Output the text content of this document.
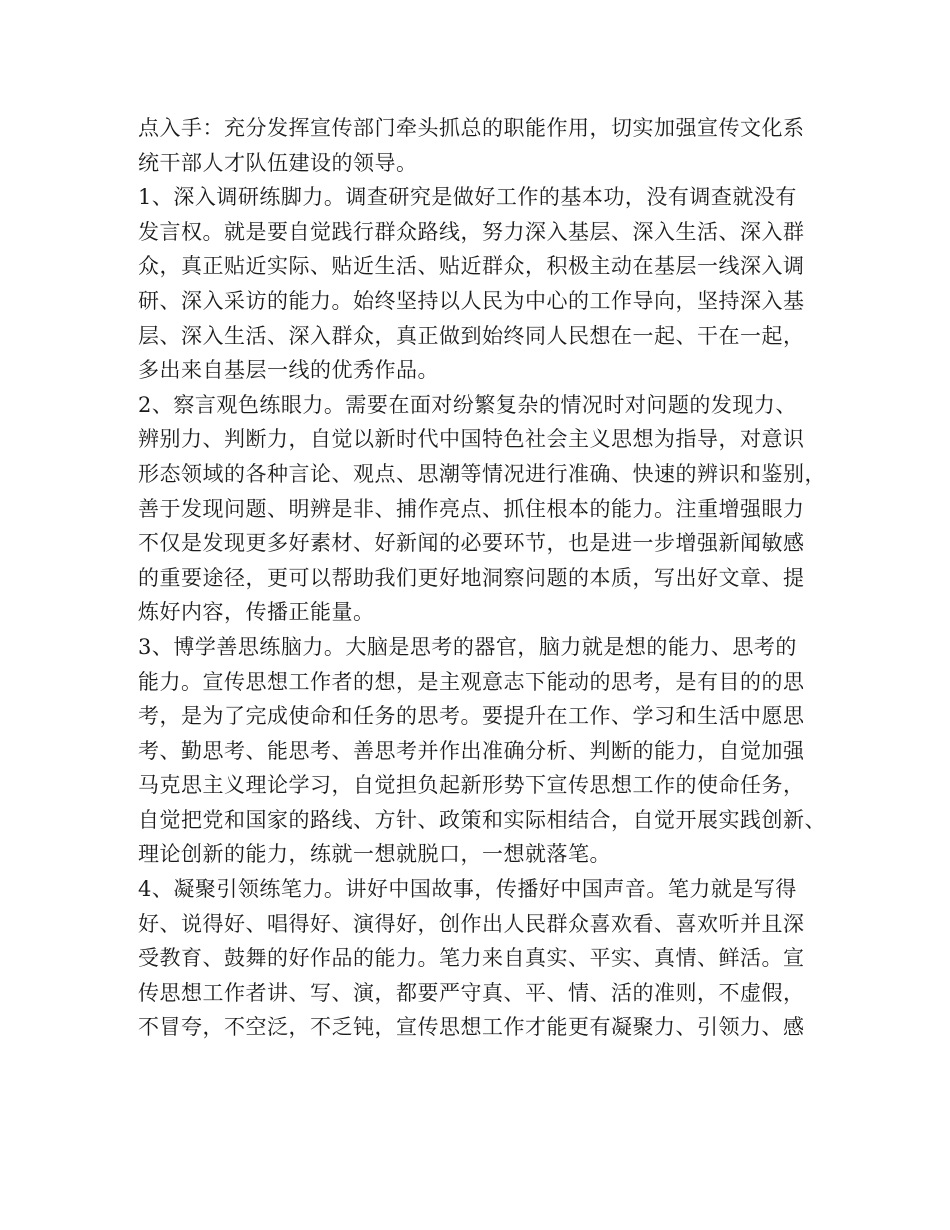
点入手：充分发挥宣传部门牵头抓总的职能作用，切实加强宣传文化系
统干部人才队伍建设的领导。
1、深入调研练脚力。调查研究是做好工作的基本功，没有调查就没有
发言权。就是要自觉践行群众路线，努力深入基层、深入生活、深入群
众，真正贴近实际、贴近生活、贴近群众，积极主动在基层一线深入调
研、深入采访的能力。始终坚持以人民为中心的工作导向，坚持深入基
层、深入生活、深入群众，真正做到始终同人民想在一起、干在一起，
多出来自基层一线的优秀作品。
2、察言观色练眼力。需要在面对纷繁复杂的情况时对问题的发现力、
辨别力、判断力，自觉以新时代中国特色社会主义思想为指导，对意识
形态领域的各种言论、观点、思潮等情况进行准确、快速的辨识和鉴别，
善于发现问题、明辨是非、捕作亮点、抓住根本的能力。注重增强眼力
不仅是发现更多好素材、好新闻的必要环节，也是进一步增强新闻敏感
的重要途径，更可以帮助我们更好地洞察问题的本质，写出好文章、提
炼好内容，传播正能量。
3、博学善思练脑力。大脑是思考的器官，脑力就是想的能力、思考的
能力。宣传思想工作者的想，是主观意志下能动的思考，是有目的的思
考，是为了完成使命和任务的思考。要提升在工作、学习和生活中愿思
考、勤思考、能思考、善思考并作出准确分析、判断的能力，自觉加强
马克思主义理论学习，自觉担负起新形势下宣传思想工作的使命任务，
自觉把党和国家的路线、方针、政策和实际相结合，自觉开展实践创新、
理论创新的能力，练就一想就脱口，一想就落笔。
4、凝聚引领练笔力。讲好中国故事，传播好中国声音。笔力就是写得
好、说得好、唱得好、演得好，创作出人民群众喜欢看、喜欢听并且深
受教育、鼓舞的好作品的能力。笔力来自真实、平实、真情、鲜活。宣
传思想工作者讲、写、演，都要严守真、平、情、活的准则，不虚假，
不冒夸，不空泛，不乏钝，宣传思想工作才能更有凝聚力、引领力、感
